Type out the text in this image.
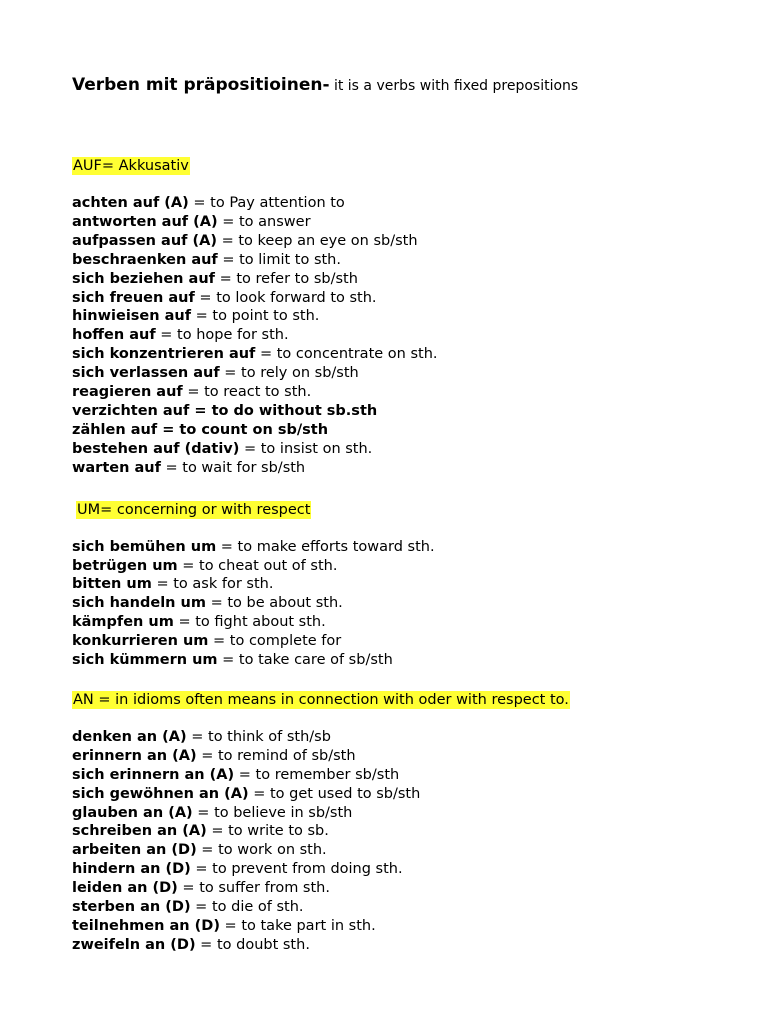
Verben mit präpositioinen- it is a verbs with fixed prepositions
AUF= Akkusativ
achten auf (A) = to Pay attention to
antworten auf (A) = to answer
aufpassen auf (A) = to keep an eye on sb/sth
beschraenken auf = to limit to sth.
sich beziehen auf = to refer to sb/sth
sich freuen auf = to look forward to sth.
hinwieisen auf = to point to sth.
hoffen auf = to hope for sth.
sich konzentrieren auf = to concentrate on sth.
sich verlassen auf = to rely on sb/sth
reagieren auf = to react to sth.
verzichten auf = to do without sb.sth
zählen auf = to count on sb/sth
bestehen auf (dativ) = to insist on sth.
warten auf = to wait for sb/sth
UM= concerning or with respect
sich bemühen um = to make efforts toward sth.
betrügen um = to cheat out of sth.
bitten um = to ask for sth.
sich handeln um = to be about sth.
kämpfen um = to fight about sth.
konkurrieren um = to complete for
sich kümmern um = to take care of sb/sth
AN = in idioms often means in connection with oder with respect to.
denken an (A) = to think of sth/sb
erinnern an (A) = to remind of sb/sth
sich erinnern an (A) = to remember sb/sth
sich gewöhnen an (A) = to get used to sb/sth
glauben an (A) = to believe in sb/sth
schreiben an (A) = to write to sb.
arbeiten an (D) = to work on sth.
hindern an (D) = to prevent from doing sth.
leiden an (D) = to suffer from sth.
sterben an (D) = to die of sth.
teilnehmen an (D) = to take part in sth.
zweifeln an (D) = to doubt sth.
